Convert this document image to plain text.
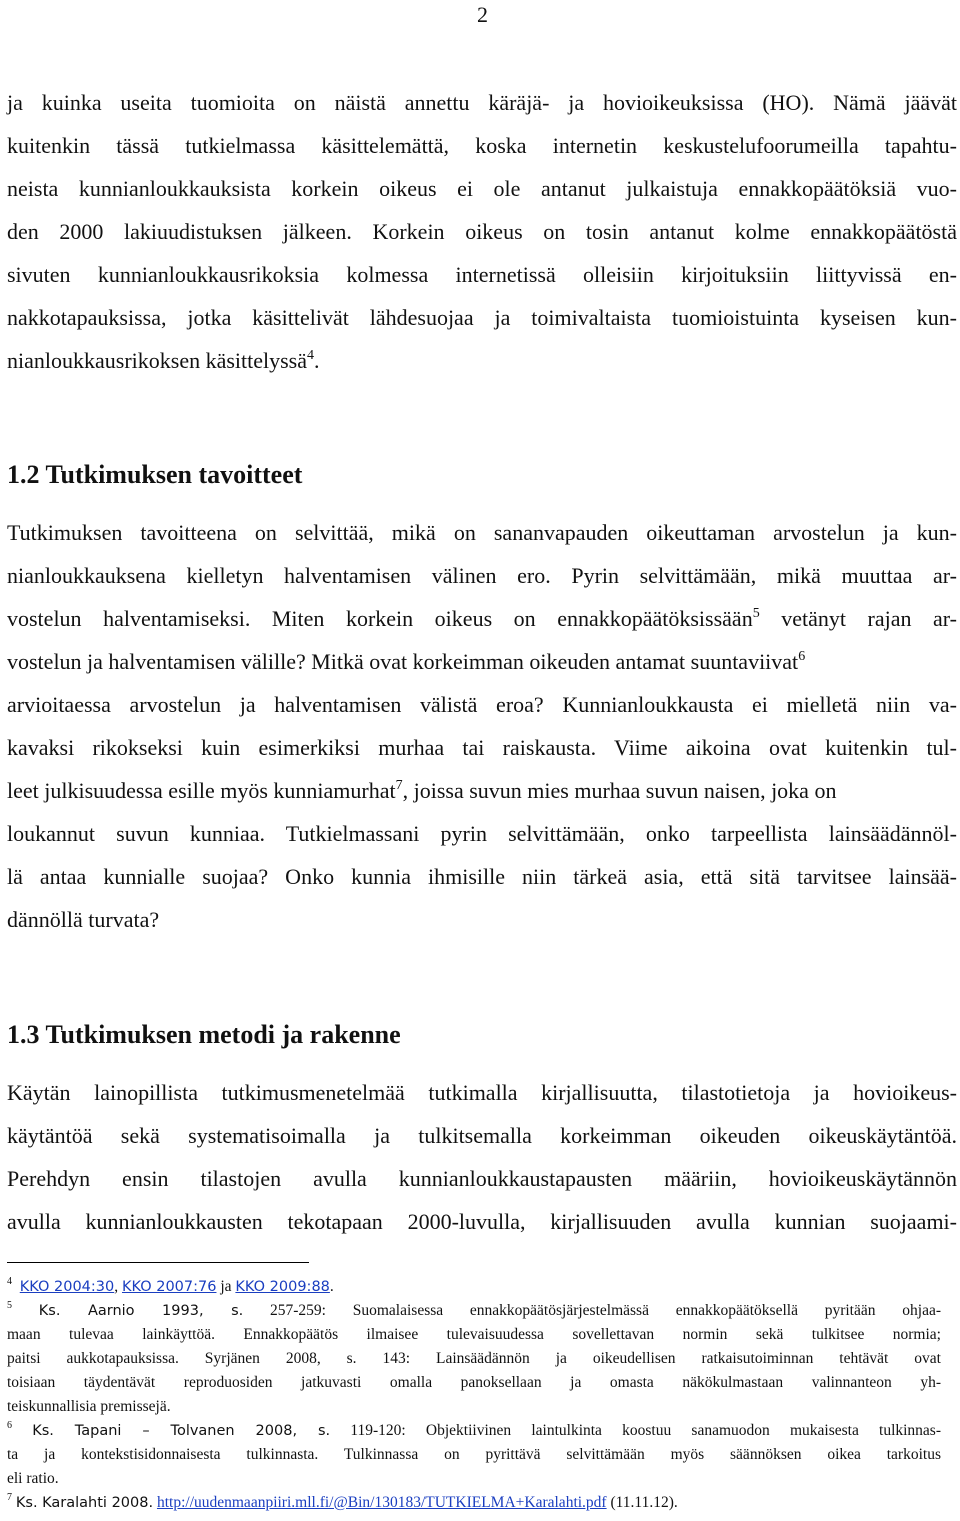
2
ja kuinka useita tuomioita on näistä annettu käräjä- ja hovioikeuksissa (HO). Nämä jäävät
kuitenkin tässä tutkielmassa käsittelemättä, koska internetin keskustelufoorumeilla tapahtu-
neista kunnianloukkauksista korkein oikeus ei ole antanut julkaistuja ennakkopäätöksiä vuo-
den 2000 lakiuudistuksen jälkeen. Korkein oikeus on tosin antanut kolme ennakkopäätöstä
sivuten kunnianloukkausrikoksia kolmessa internetissä olleisiin kirjoituksiin liittyvissä en-
nakkotapauksissa, jotka käsittelivät lähdesuojaa ja toimivaltaista tuomioistuinta kyseisen kun-
nianloukkausrikoksen käsittelyssä$^4$.
1.2 Tutkimuksen tavoitteet
Tutkimuksen tavoitteena on selvittää, mikä on sananvapauden oikeuttaman arvostelun ja kun-
nianloukkauksena kielletyn halventamisen välinen ero. Pyrin selvittämään, mikä muuttaa ar-
vostelun halventamiseksi. Miten korkein oikeus on ennakkopäätöksissään$^5$ vetänyt rajan ar-
vostelun ja halventamisen välille? Mitkä ovat korkeimman oikeuden antamat suuntaviivat$^6$
arvioitaessa arvostelun ja halventamisen välistä eroa? Kunnianloukkausta ei mielletä niin va-
kavaksi rikokseksi kuin esimerkiksi murhaa tai raiskausta. Viime aikoina ovat kuitenkin tul-
leet julkisuudessa esille myös kunniamurhat$^7$, joissa suvun mies murhaa suvun naisen, joka on
loukannut suvun kunniaa. Tutkielmassani pyrin selvittämään, onko tarpeellista lainsäädännöl-
lä antaa kunnialle suojaa? Onko kunnia ihmisille niin tärkeä asia, että sitä tarvitsee lainsää-
dännöllä turvata?
1.3 Tutkimuksen metodi ja rakenne
Käytän lainopillista tutkimusmenetelmää tutkimalla kirjallisuutta, tilastotietoja ja hovioikeus-
käytäntöä sekä systematisoimalla ja tulkitsemalla korkeimman oikeuden oikeuskäytäntöä.
Perehdyn ensin tilastojen avulla kunnianloukkaustapausten määriin, hovioikeuskäytännön
avulla kunnianloukkausten tekotapaan 2000-luvulla, kirjallisuuden avulla kunnian suojaami-
$^4$ KKO 2004:30, KKO 2007:76 ja KKO 2009:88.
$^5$ Ks. Aarnio 1993, s. 257-259: Suomalaisessa ennakkopäätösjärjestelmässä ennakkopäätöksellä pyritään ohjaa-
maan tulevaa lainkäyttöä. Ennakkopäätös ilmaisee tulevaisuudessa sovellettavan normin sekä tulkitsee normia;
paitsi aukkotapauksissa. Syrjänen 2008, s. 143: Lainsäädännön ja oikeudellisen ratkaisutoiminnan tehtävät ovat
toisiaan täydentävät reproduosiden jatkuvasti omalla panoksellaan ja omasta näkökulmastaan valinnanteon yh-
teiskunnallisia premissejä.
$^6$ Ks. Tapani – Tolvanen 2008, s. 119-120: Objektiivinen laintulkinta koostuu sanamuodon mukaisesta tulkinnas-
ta ja kontekstisidonnaisesta tulkinnasta. Tulkinnassa on pyrittävä selvittämään myös säännöksen oikea tarkoitus
eli ratio.
$^7$ Ks. Karalahti 2008. http://uudenmaanpiiri.mll.fi/@Bin/130183/TUTKIELMA+Karalahti.pdf (11.11.12).
